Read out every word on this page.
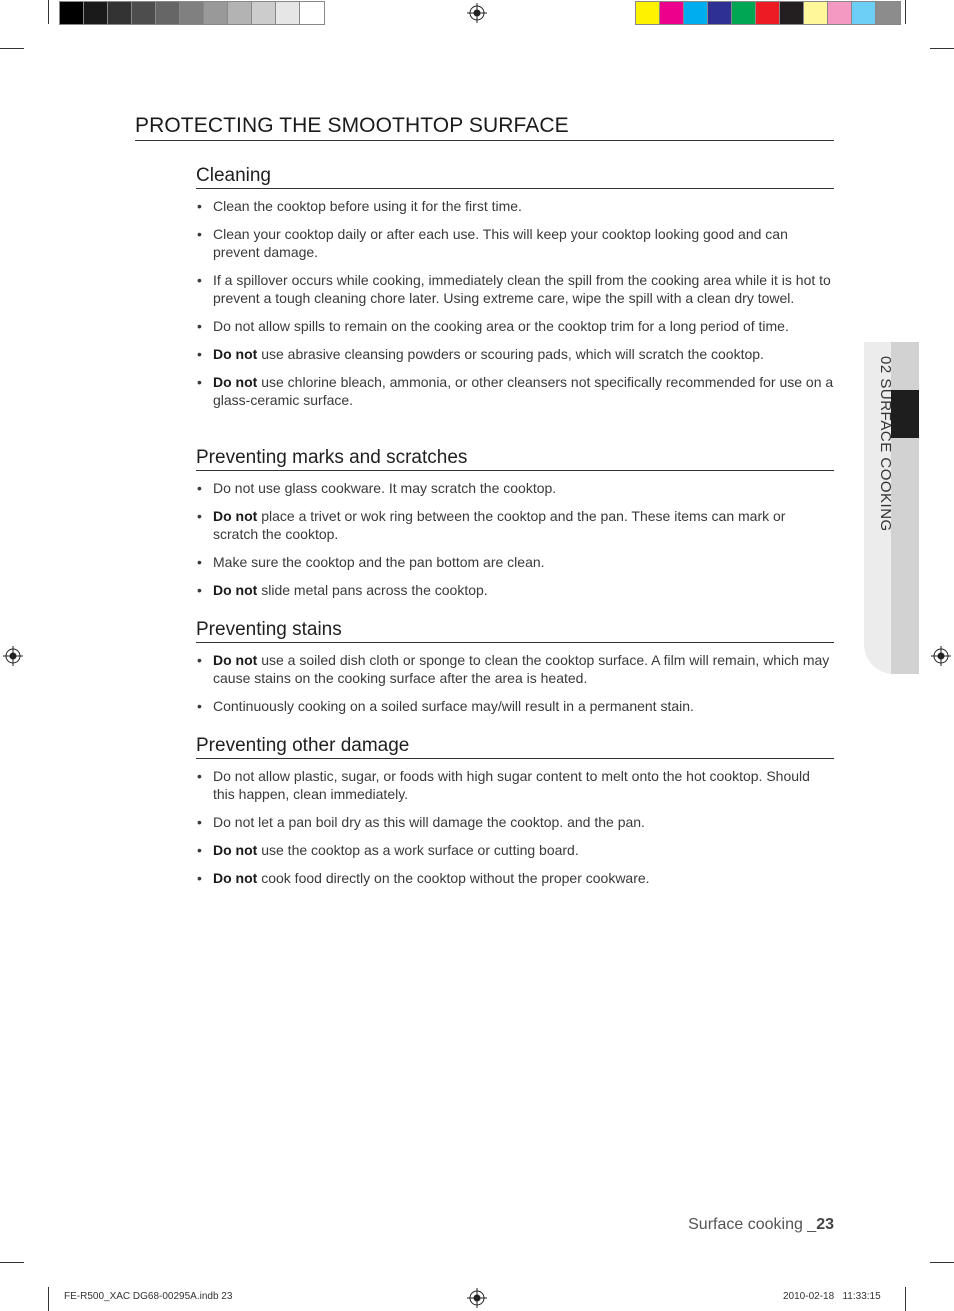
PROTECTING THE SMOOTHTOP SURFACE
Cleaning
• Clean the cooktop before using it for the first time.
• Clean your cooktop daily or after each use. This will keep your cooktop looking good and can prevent damage.
• If a spillover occurs while cooking, immediately clean the spill from the cooking area while it is hot to prevent a tough cleaning chore later. Using extreme care, wipe the spill with a clean dry towel.
• Do not allow spills to remain on the cooking area or the cooktop trim for a long period of time.
• Do not use abrasive cleansing powders or scouring pads, which will scratch the cooktop.
• Do not use chlorine bleach, ammonia, or other cleansers not specifically recommended for use on a glass-ceramic surface.
Preventing marks and scratches
• Do not use glass cookware. It may scratch the cooktop.
• Do not place a trivet or wok ring between the cooktop and the pan. These items can mark or scratch the cooktop.
• Make sure the cooktop and the pan bottom are clean.
• Do not slide metal pans across the cooktop.
Preventing stains
• Do not use a soiled dish cloth or sponge to clean the cooktop surface. A film will remain, which may cause stains on the cooking surface after the area is heated.
• Continuously cooking on a soiled surface may/will result in a permanent stain.
Preventing other damage
• Do not allow plastic, sugar, or foods with high sugar content to melt onto the hot cooktop. Should this happen, clean immediately.
• Do not let a pan boil dry as this will damage the cooktop. and the pan.
• Do not use the cooktop as a work surface or cutting board.
• Do not cook food directly on the cooktop without the proper cookware.
02 SURFACE COOKING
Surface cooking _23
FE-R500_XAC DG68-00295A.indb 23	2010-02-18   11:33:15
